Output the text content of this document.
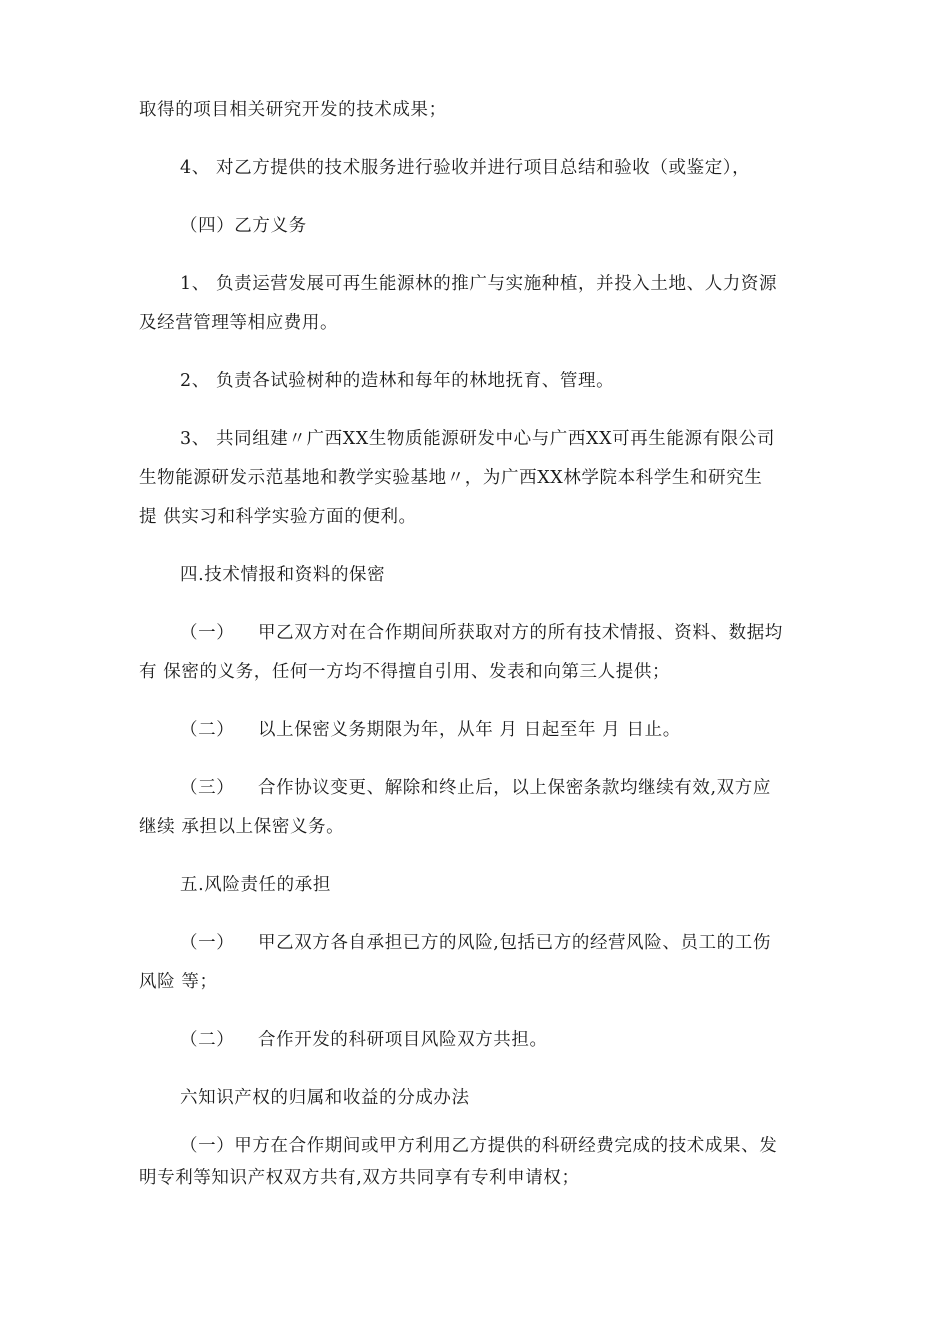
取得的项目相关研究开发的技术成果；
4、 对乙方提供的技术服务进行验收并进行项目总结和验收（或鉴定），
（四）乙方义务
1、 负责运营发展可再生能源林的推广与实施种植，并投入土地、人力资源
及经营管理等相应费用。
2、 负责各试验树种的造林和每年的林地抚育、管理。
3、 共同组建〃广西XX生物质能源研发中心与广西XX可再生能源有限公司
生物能源研发示范基地和教学实验基地〃，为广西XX林学院本科学生和研究生
提 供实习和科学实验方面的便利。
四.技术情报和资料的保密
（一） 甲乙双方对在合作期间所获取对方的所有技术情报、资料、数据均
有 保密的义务，任何一方均不得擅自引用、发表和向第三人提供；
（二） 以上保密义务期限为年，从年 月 日起至年 月 日止。
（三） 合作协议变更、解除和终止后，以上保密条款均继续有效,双方应
继续 承担以上保密义务。
五.风险责任的承担
（一） 甲乙双方各自承担已方的风险,包括已方的经营风险、员工的工伤
风险 等；
（二） 合作开发的科研项目风险双方共担。
六知识产权的归属和收益的分成办法
（一）甲方在合作期间或甲方利用乙方提供的科研经费完成的技术成果、发
明专利等知识产权双方共有,双方共同享有专利申请权；
